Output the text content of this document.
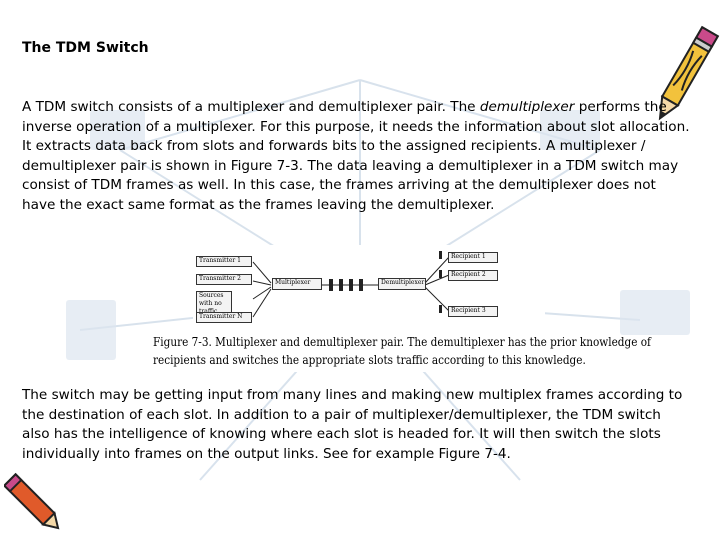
The TDM Switch

A TDM switch consists of a multiplexer and demultiplexer pair. The demultiplexer performs the inverse operation of a multiplexer. For this purpose, it needs the information about slot allocation. It extracts data back from slots and forwards bits to the assigned recipients. A multiplexer / demultiplexer pair is shown in Figure 7-3. The data leaving a demultiplexer in a TDM switch may consist of TDM frames as well. In this case, the frames arriving at the demultiplexer does not have the exact same format as the frames leaving the demultiplexer.

Transmitter 1
Transmitter 2
Sources with no
Transmitter N
Multiplexer	Demultiplexer
Recipient 1
Recipient 2
Recipient 3
Figure 7-3. Multiplexer and demultiplexer pair. The demultiplexer has the prior knowledge of
recipients and switches the appropriate slots traffic according to this knowledge.

The switch may be getting input from many lines and making new multiplex frames according to the destination of each slot. In addition to a pair of multiplexer/demultiplexer, the TDM switch also has the intelligence of knowing where each slot is headed for. It will then switch the slots individually into frames on the output links. See for example Figure 7-4.
